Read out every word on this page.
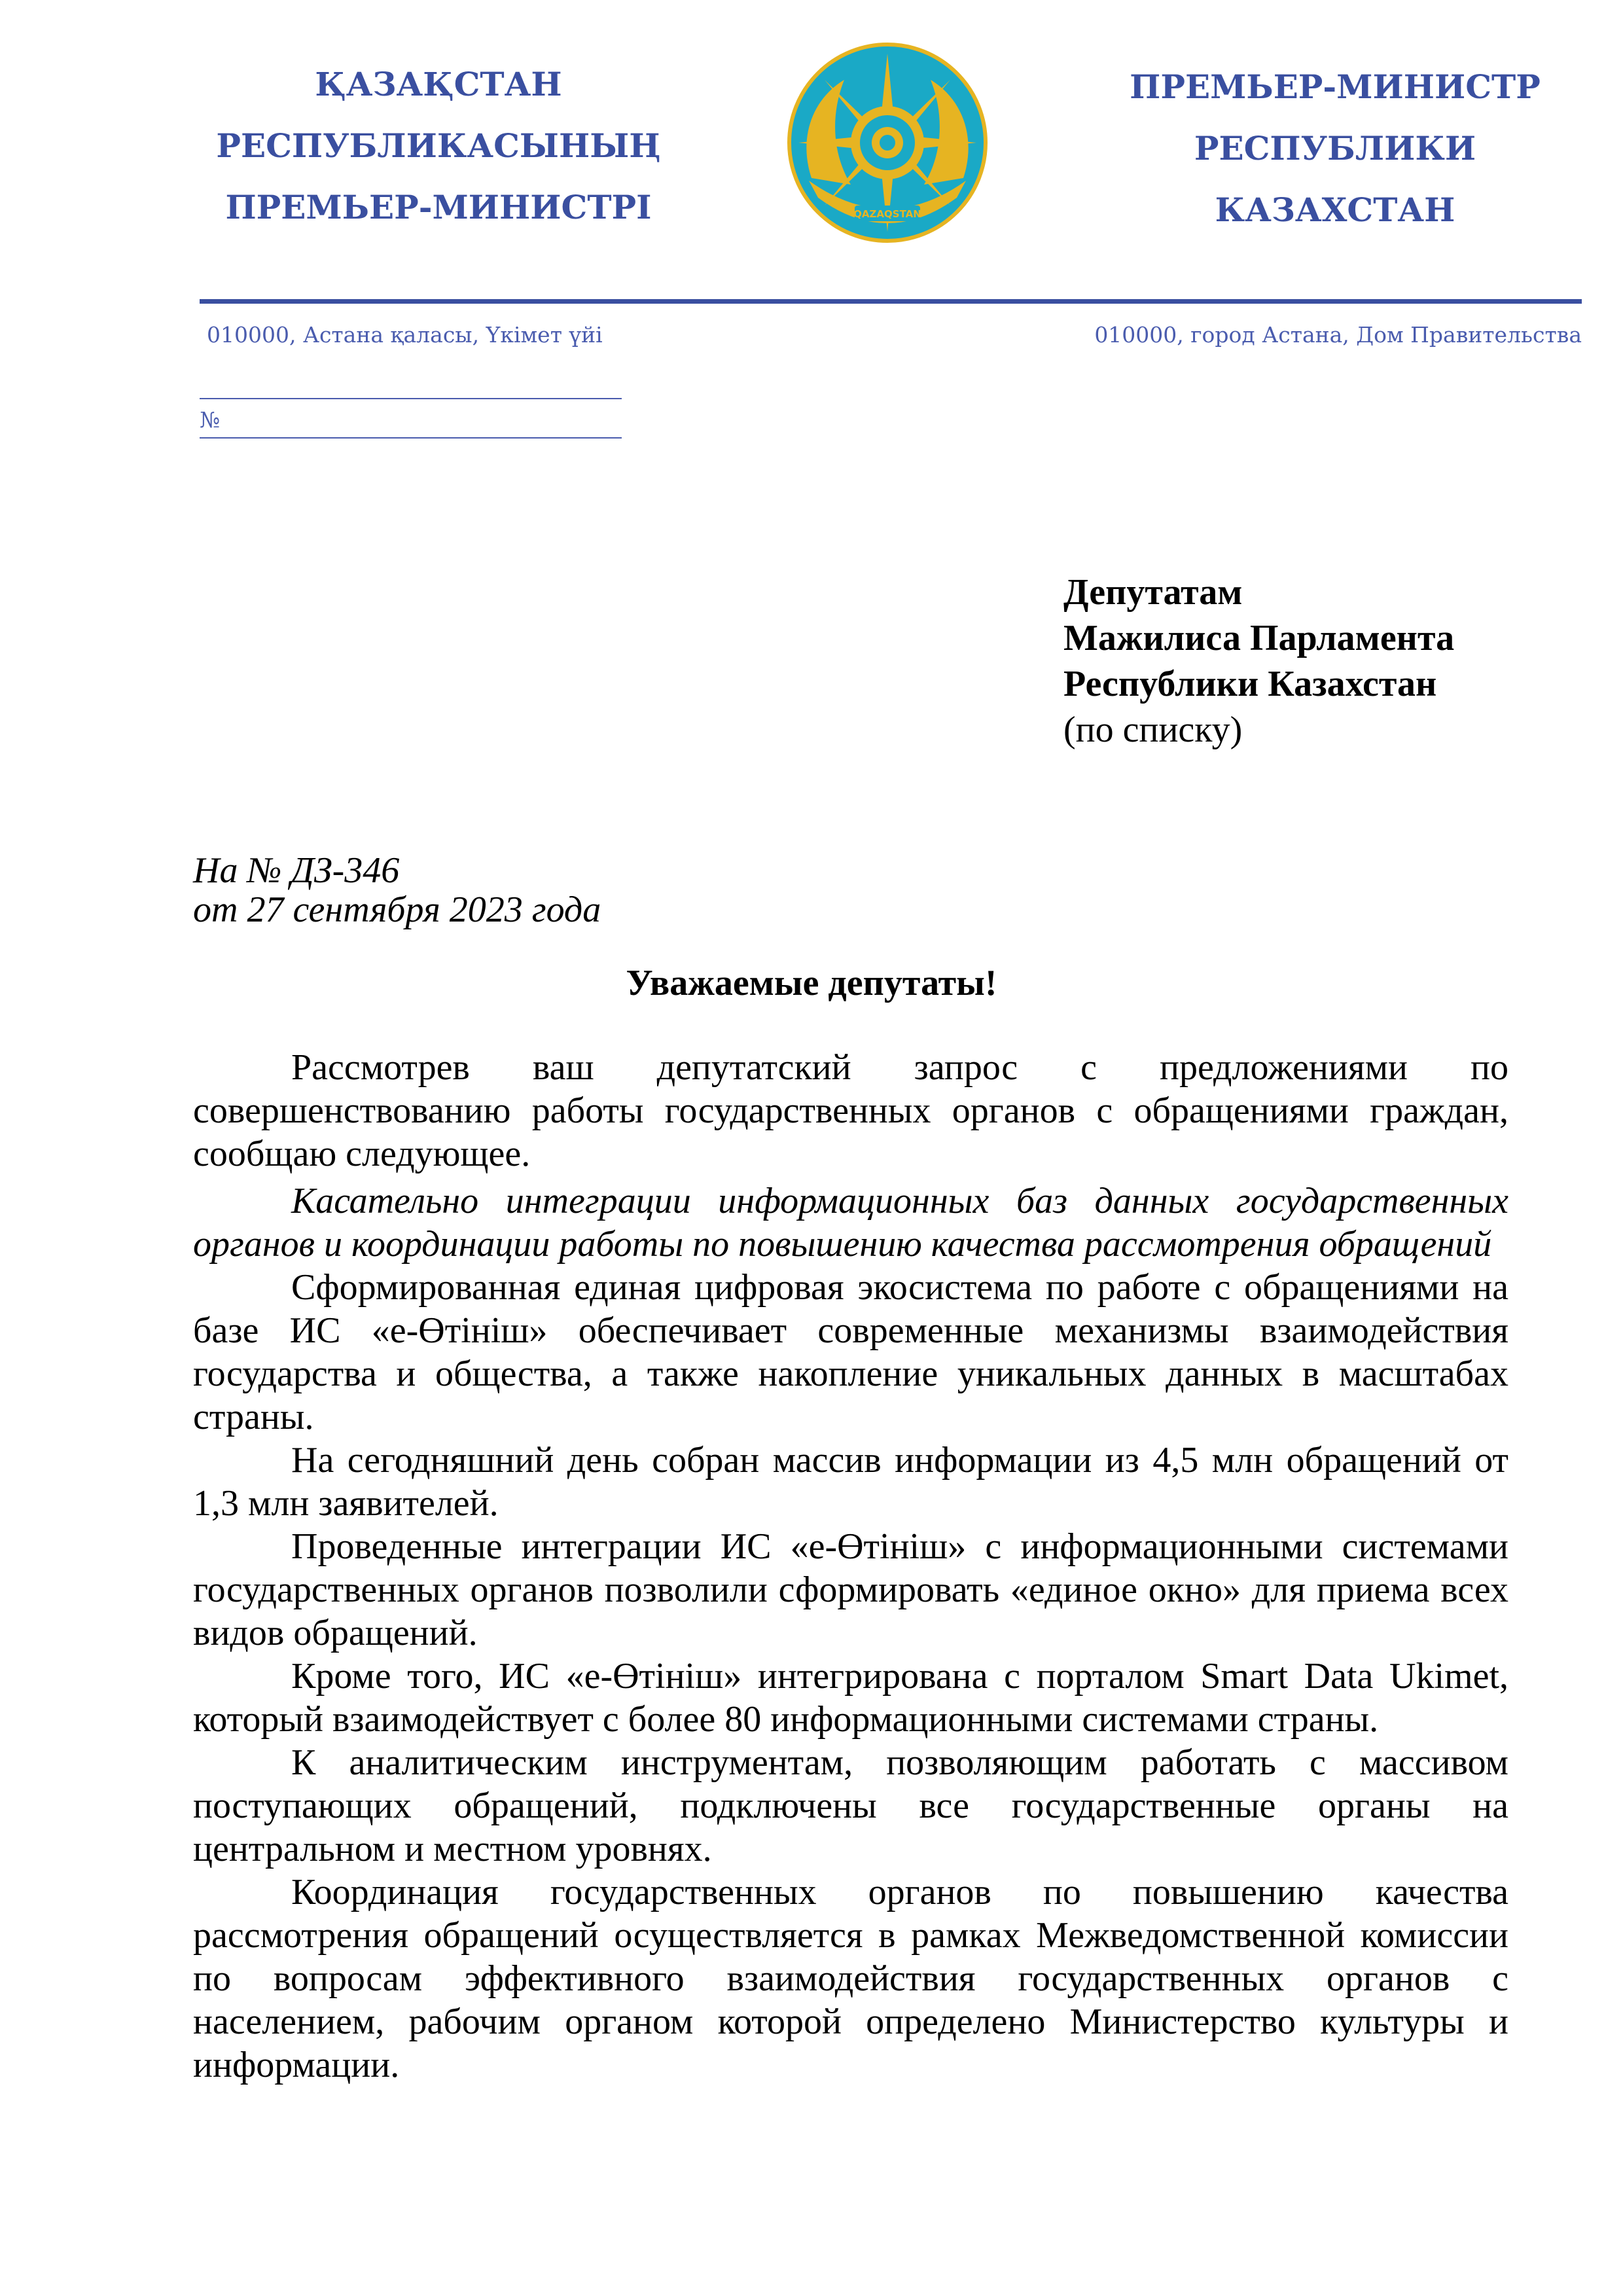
ҚАЗАҚСТАН
РЕСПУБЛИКАСЫНЫҢ
ПРЕМЬЕР-МИНИСТРІ	QAZAQSTAN
ПРЕМЬЕР-МИНИСТР
РЕСПУБЛИКИ
КАЗАХСТАН
010000, Астана қаласы, Үкімет үйі	010000, город Астана, Дом Правительства
№
Депутатам
Мажилиса Парламента
Республики Казахстан
(по списку)
На № ДЗ-346
от 27 сентября 2023 года
Уважаемые депутаты!

Рассмотрев ваш депутатский запрос с предложениями по совершенствованию работы государственных органов с обращениями граждан, сообщаю следующее.

Касательно интеграции информационных баз данных государственных органов и координации работы по повышению качества рассмотрения обращений

Сформированная единая цифровая экосистема по работе с обращениями на базе ИС «е-Өтініш» обеспечивает современные механизмы взаимодействия государства и общества, а также накопление уникальных данных в масштабах страны.

На сегодняшний день собран массив информации из 4,5 млн обращений от 1,3 млн заявителей.

Проведенные интеграции ИС «е-Өтініш» с информационными системами государственных органов позволили сформировать «единое окно» для приема всех видов обращений.

Кроме того, ИС «е-Өтініш» интегрирована с порталом Smart Data Ukimet, который взаимодействует с более 80 информационными системами страны.

К аналитическим инструментам, позволяющим работать с массивом поступающих обращений, подключены все государственные органы на центральном и местном уровнях.

Координация государственных органов по повышению качества рассмотрения обращений осуществляется в рамках Межведомственной комиссии по вопросам эффективного взаимодействия государственных органов с населением, рабочим органом которой определено Министерство культуры и информации.
